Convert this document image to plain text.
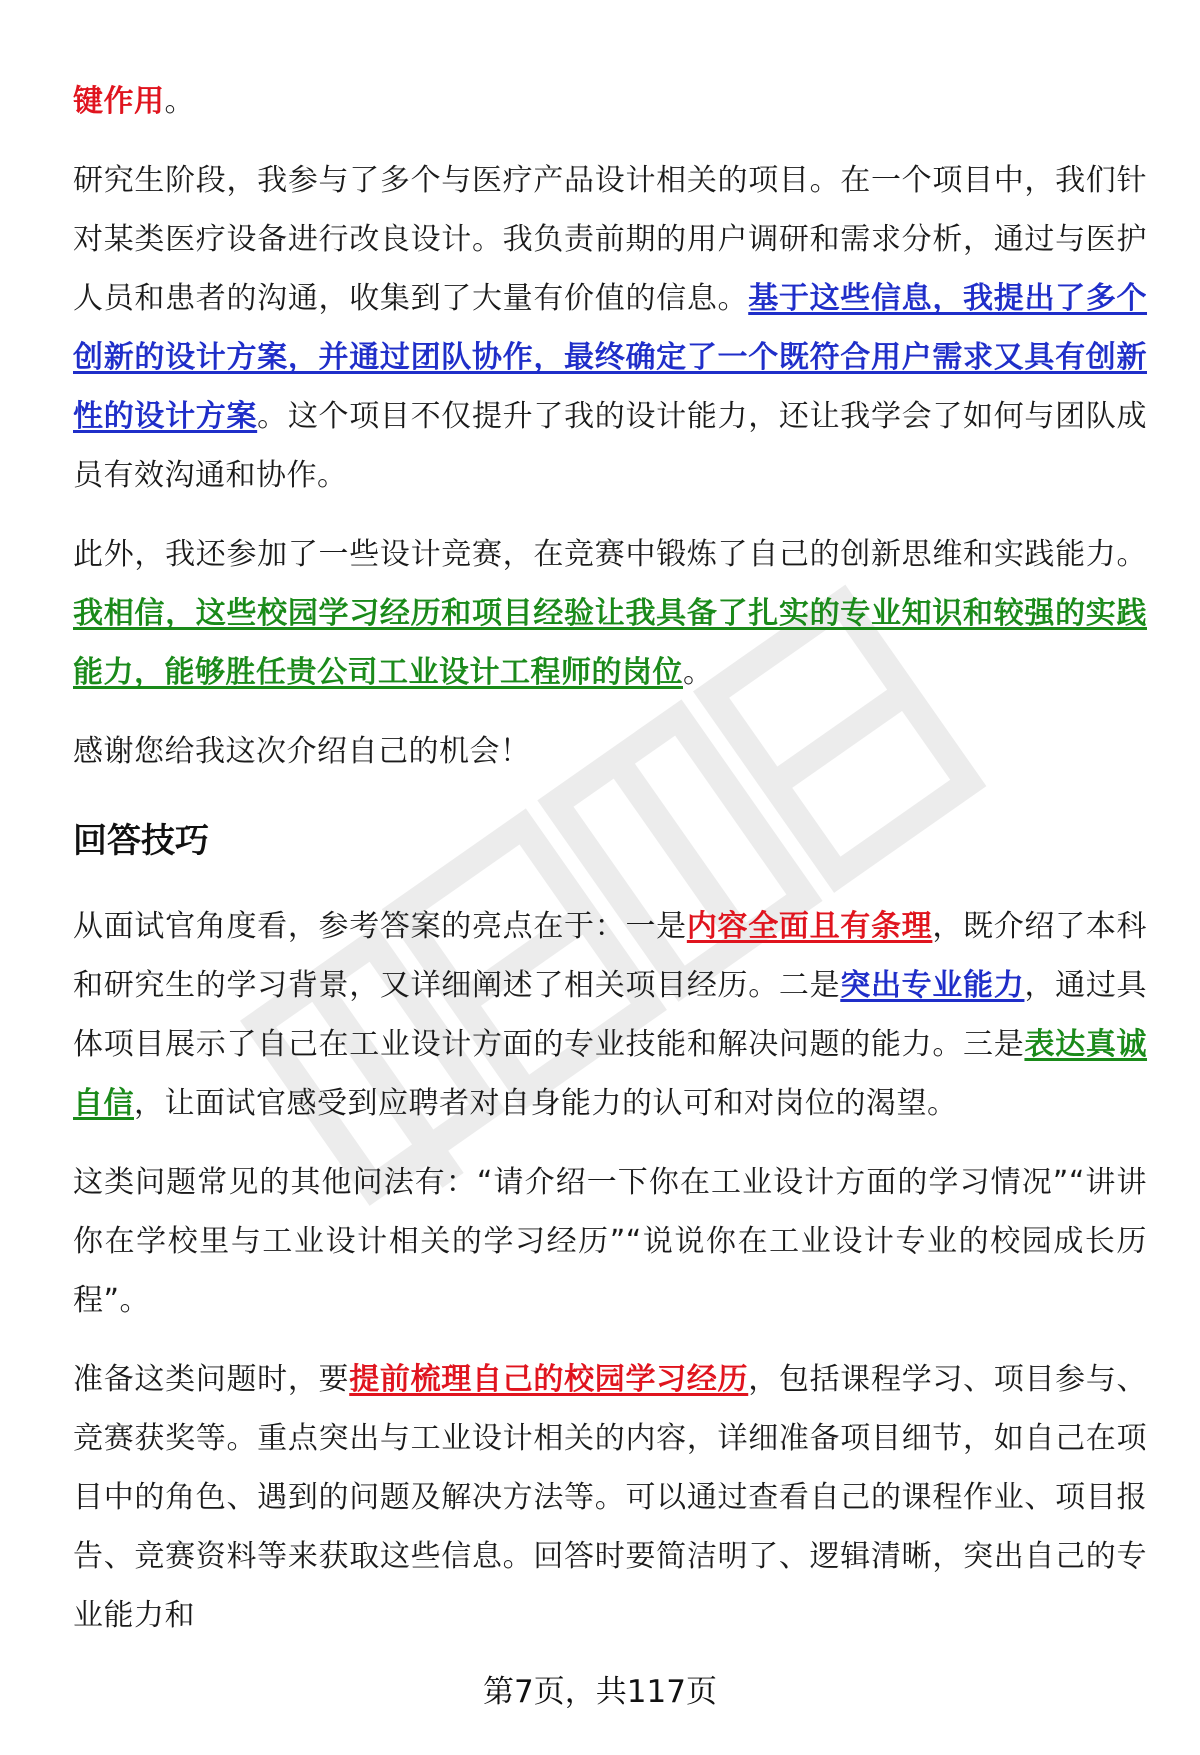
键作用。

研究生阶段，我参与了多个与医疗产品设计相关的项目。在一个项目中，我们针对某类医疗设备进行改良设计。我负责前期的用户调研和需求分析，通过与医护人员和患者的沟通，收集到了大量有价值的信息。基于这些信息，我提出了多个创新的设计方案，并通过团队协作，最终确定了一个既符合用户需求又具有创新性的设计方案。这个项目不仅提升了我的设计能力，还让我学会了如何与团队成员有效沟通和协作。

此外，我还参加了一些设计竞赛，在竞赛中锻炼了自己的创新思维和实践能力。我相信，这些校园学习经历和项目经验让我具备了扎实的专业知识和较强的实践能力，能够胜任贵公司工业设计工程师的岗位。

感谢您给我这次介绍自己的机会！

回答技巧

从面试官角度看，参考答案的亮点在于：一是内容全面且有条理，既介绍了本科和研究生的学习背景，又详细阐述了相关项目经历。二是突出专业能力，通过具体项目展示了自己在工业设计方面的专业技能和解决问题的能力。三是表达真诚自信，让面试官感受到应聘者对自身能力的认可和对岗位的渴望。

这类问题常见的其他问法有：“请介绍一下你在工业设计方面的学习情况”“讲讲你在学校里与工业设计相关的学习经历”“说说你在工业设计专业的校园成长历程”。

准备这类问题时，要提前梳理自己的校园学习经历，包括课程学习、项目参与、竞赛获奖等。重点突出与工业设计相关的内容，详细准备项目细节，如自己在项目中的角色、遇到的问题及解决方法等。可以通过查看自己的课程作业、项目报告、竞赛资料等来获取这些信息。回答时要简洁明了、逻辑清晰，突出自己的专业能力和

第7页，共117页
